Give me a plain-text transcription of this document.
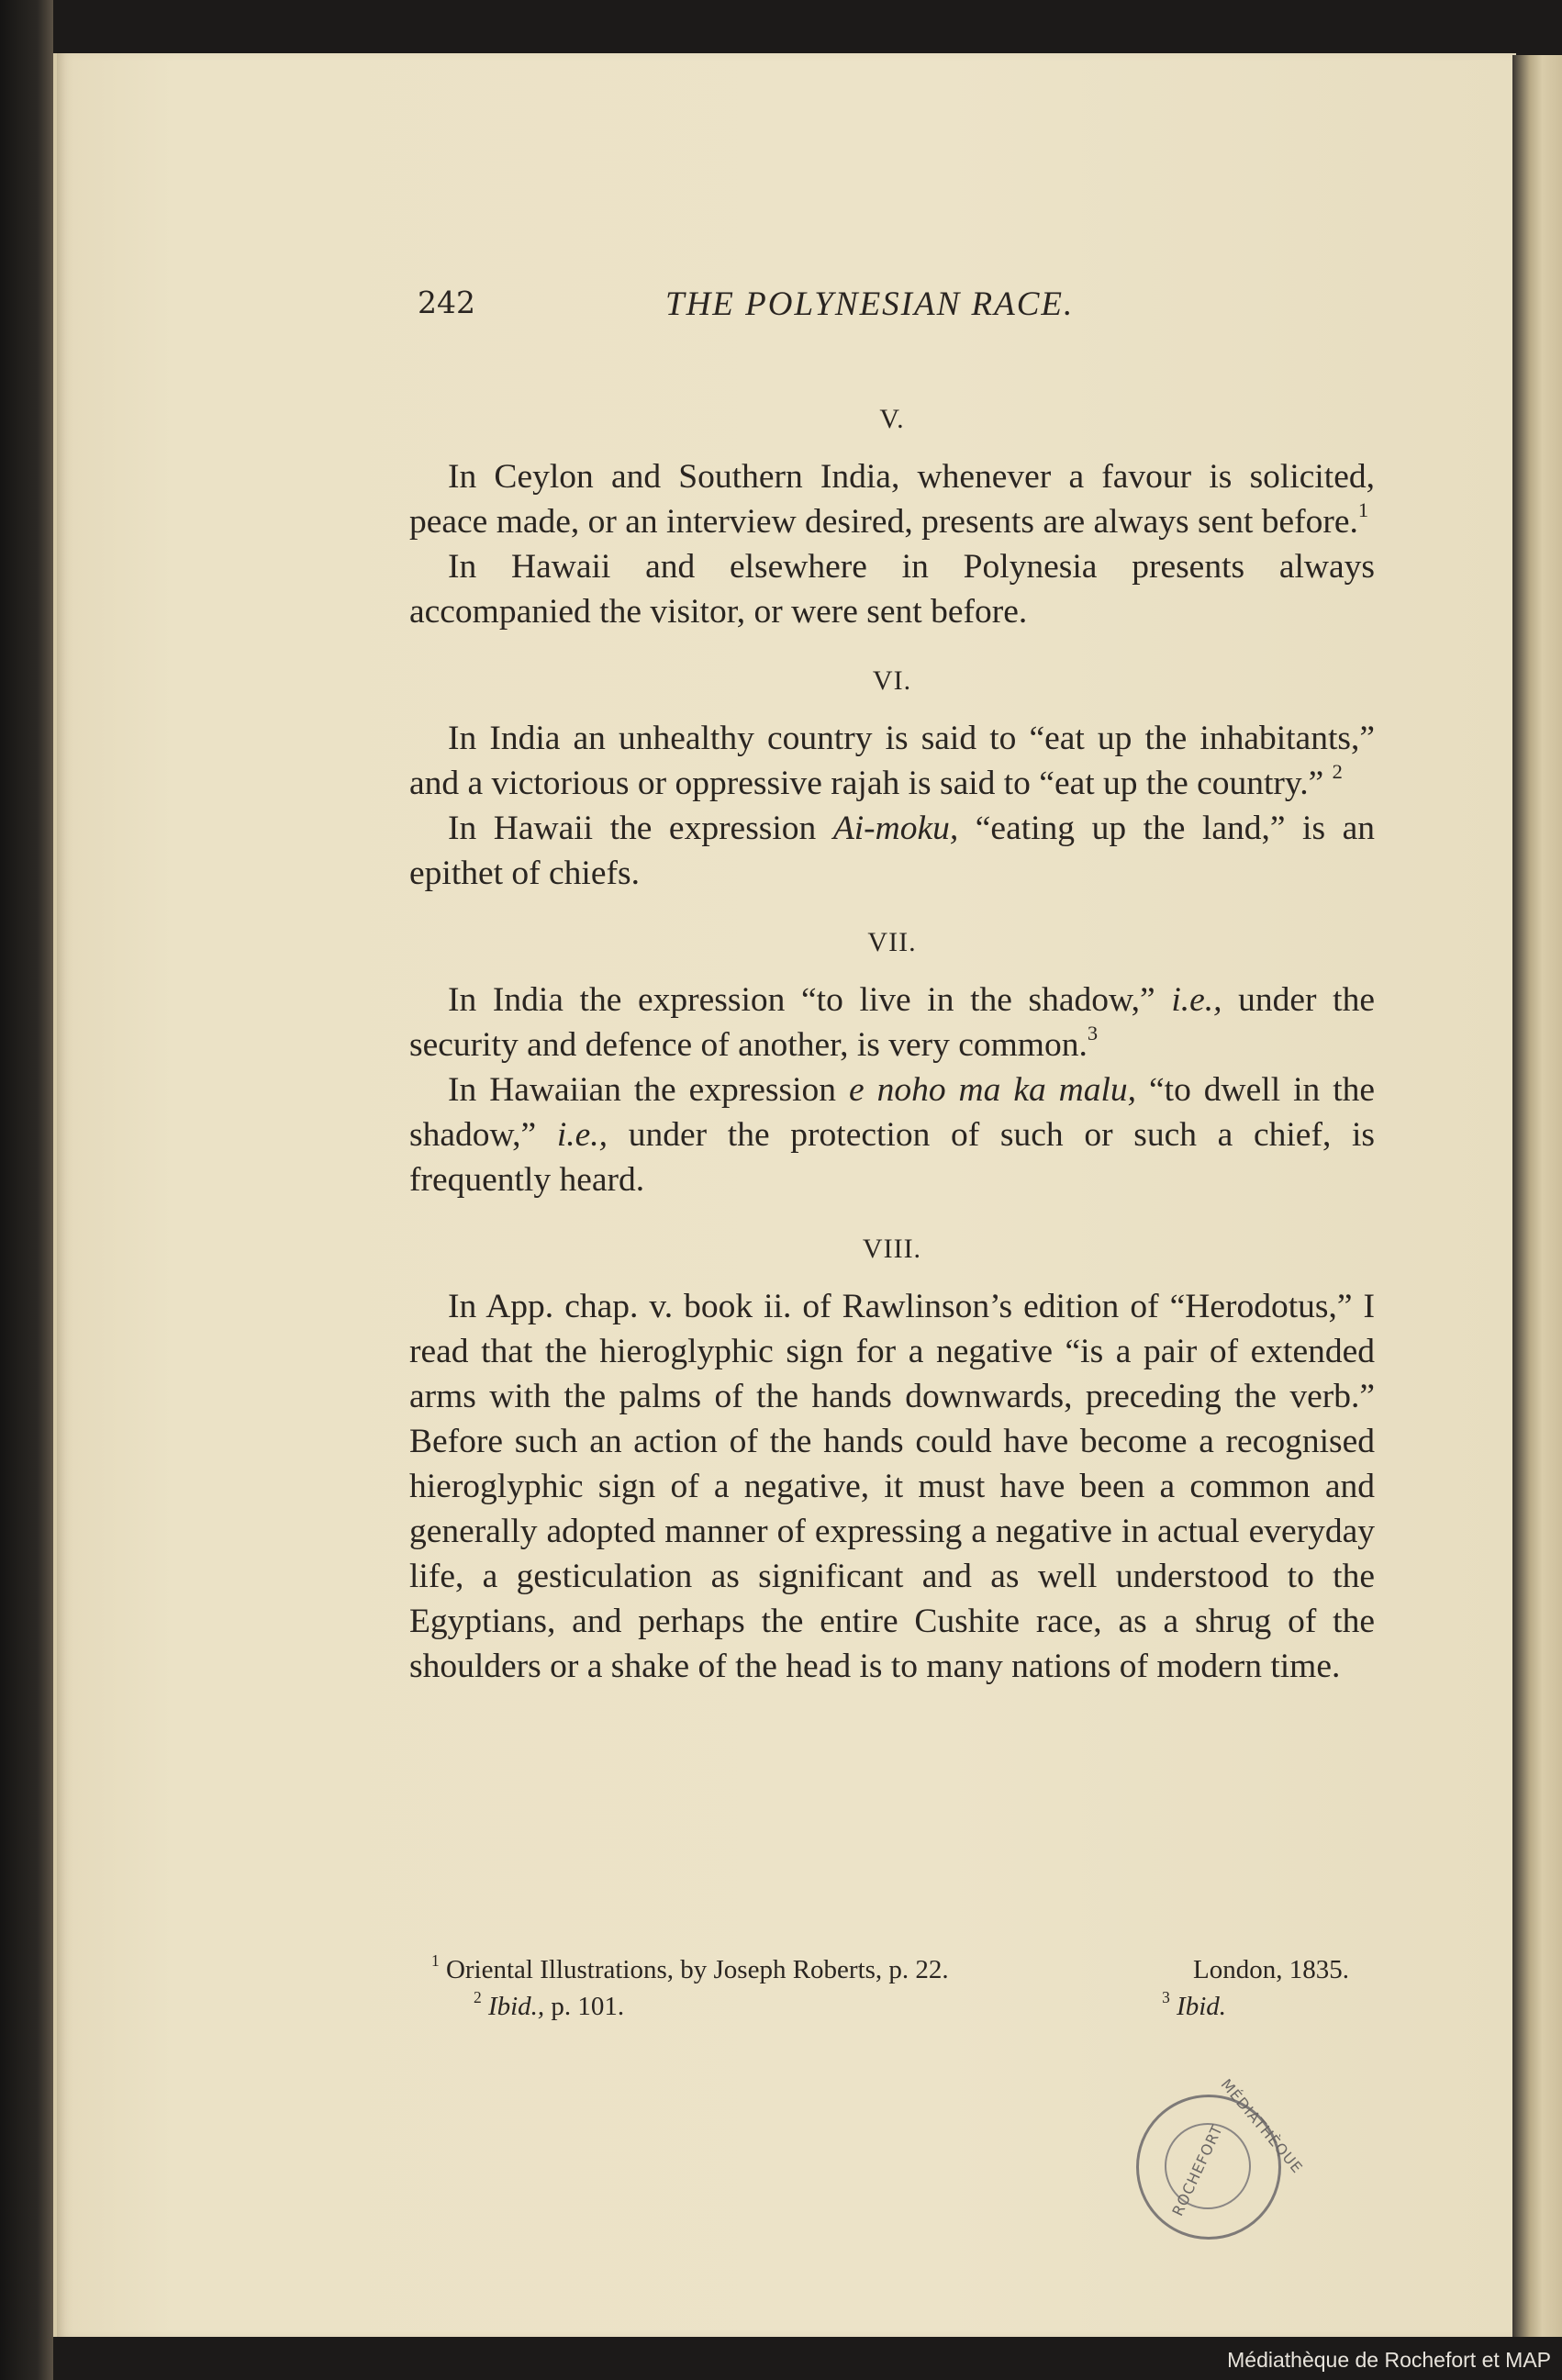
242	THE POLYNESIAN RACE.
V.

In Ceylon and Southern India, whenever a favour is solicited, peace made, or an interview desired, presents are always sent before.$^1$

In Hawaii and elsewhere in Polynesia presents always accompanied the visitor, or were sent before.

VI.

In India an unhealthy country is said to “eat up the inhabitants,” and a victorious or oppressive rajah is said to “eat up the country.” $^2$

In Hawaii the expression Ai-moku, “eating up the land,” is an epithet of chiefs.

VII.

In India the expression “to live in the shadow,” i.e., under the security and defence of another, is very common.$^3$

In Hawaiian the expression e noho ma ka malu, “to dwell in the shadow,” i.e., under the protection of such or such a chief, is frequently heard.

VIII.

In App. chap. v. book ii. of Rawlinson’s edition of “Herodotus,” I read that the hieroglyphic sign for a negative “is a pair of extended arms with the palms of the hands downwards, preceding the verb.” Before such an action of the hands could have become a recognised hieroglyphic sign of a negative, it must have been a common and generally adopted manner of expressing a negative in actual everyday life, a gesticulation as significant and as well understood to the Egyptians, and perhaps the entire Cushite race, as a shrug of the shoulders or a shake of the head is to many nations of modern time.

$^1$ Oriental Illustrations, by Joseph Roberts, p. 22.	London, 1835.
$^2$ Ibid., p. 101.	$^3$ Ibid.
MÉDIATHÈQUE
ROCHEFORT
Médiathèque de Rochefort et MAP
